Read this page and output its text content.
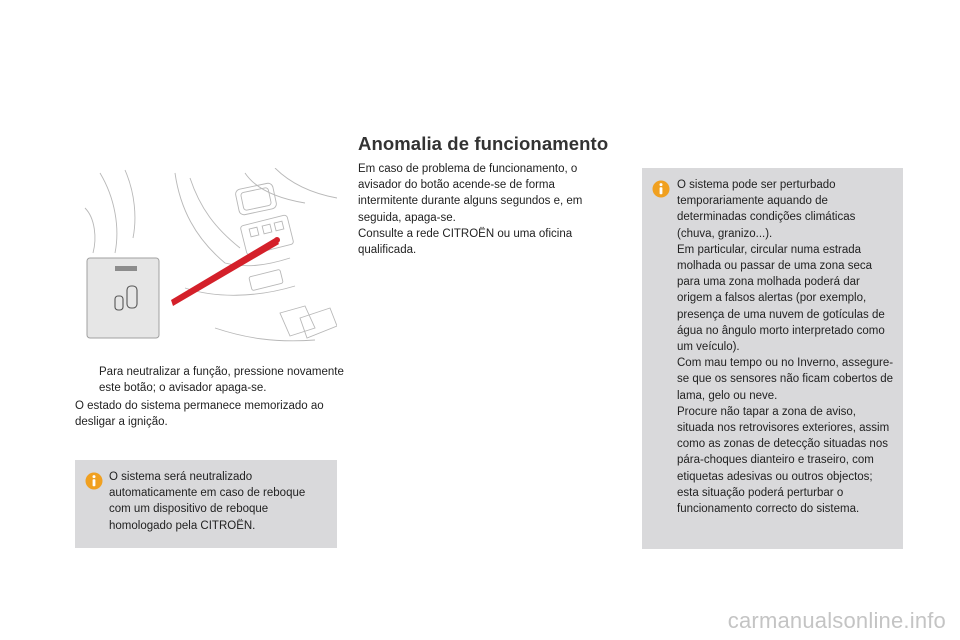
Para neutralizar a função, pressione novamente este botão; o avisador apaga-se.
O estado do sistema permanece memorizado ao desligar a ignição.
O sistema será neutralizado automaticamente em caso de reboque com um dispositivo de reboque homologado pela CITROËN.
Anomalia de funcionamento
Em caso de problema de funcionamento, o avisador do botão acende-se de forma intermitente durante alguns segundos e, em seguida, apaga-se.
Consulte a rede CITROËN ou uma oficina qualificada.
O sistema pode ser perturbado temporariamente aquando de determinadas condições climáticas (chuva, granizo...).
Em particular, circular numa estrada molhada ou passar de uma zona seca para uma zona molhada poderá dar origem a falsos alertas (por exemplo, presença de uma nuvem de gotículas de água no ângulo morto interpretado como um veículo).
Com mau tempo ou no Inverno, assegure-se que os sensores não ficam cobertos de lama, gelo ou neve.
Procure não tapar a zona de aviso, situada nos retrovisores exteriores, assim como as zonas de detecção situadas nos pára-choques dianteiro e traseiro, com etiquetas adesivas ou outros objectos; esta situação poderá perturbar o funcionamento correcto do sistema.
carmanualsonline.info
